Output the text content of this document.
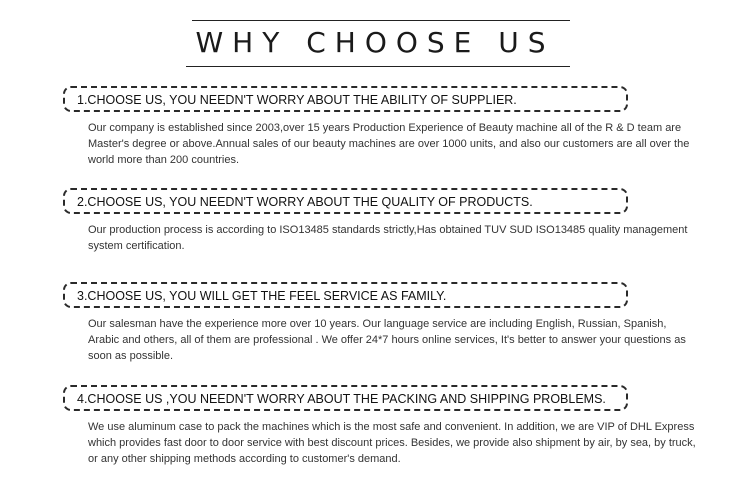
WHY CHOOSE US
1.CHOOSE US, YOU NEEDN'T WORRY ABOUT THE ABILITY OF SUPPLIER.
Our company is established since 2003,over 15 years Production Experience of Beauty machine all of the R & D team are Master's degree or above.Annual sales of our beauty machines are over 1000 units, and also our customers are all over the world more than 200 countries.
2.CHOOSE US, YOU NEEDN'T WORRY ABOUT THE QUALITY OF PRODUCTS.
Our production process is according to ISO13485 standards strictly,Has obtained TUV SUD ISO13485 quality management system certification.
3.CHOOSE US, YOU WILL GET THE FEEL SERVICE AS FAMILY.
Our salesman have the experience more over 10 years. Our language service are including English, Russian, Spanish, Arabic and others, all of them are professional . We offer 24*7 hours online services, It's better to answer your questions as soon as possible.
4.CHOOSE US ,YOU NEEDN'T WORRY ABOUT THE PACKING AND SHIPPING PROBLEMS.
We use aluminum case to pack the machines which is the most safe and convenient. In addition, we are VIP of DHL Express which provides fast door to door service with best discount prices. Besides, we provide also shipment by air, by sea, by truck, or any other shipping methods according to customer's demand.
